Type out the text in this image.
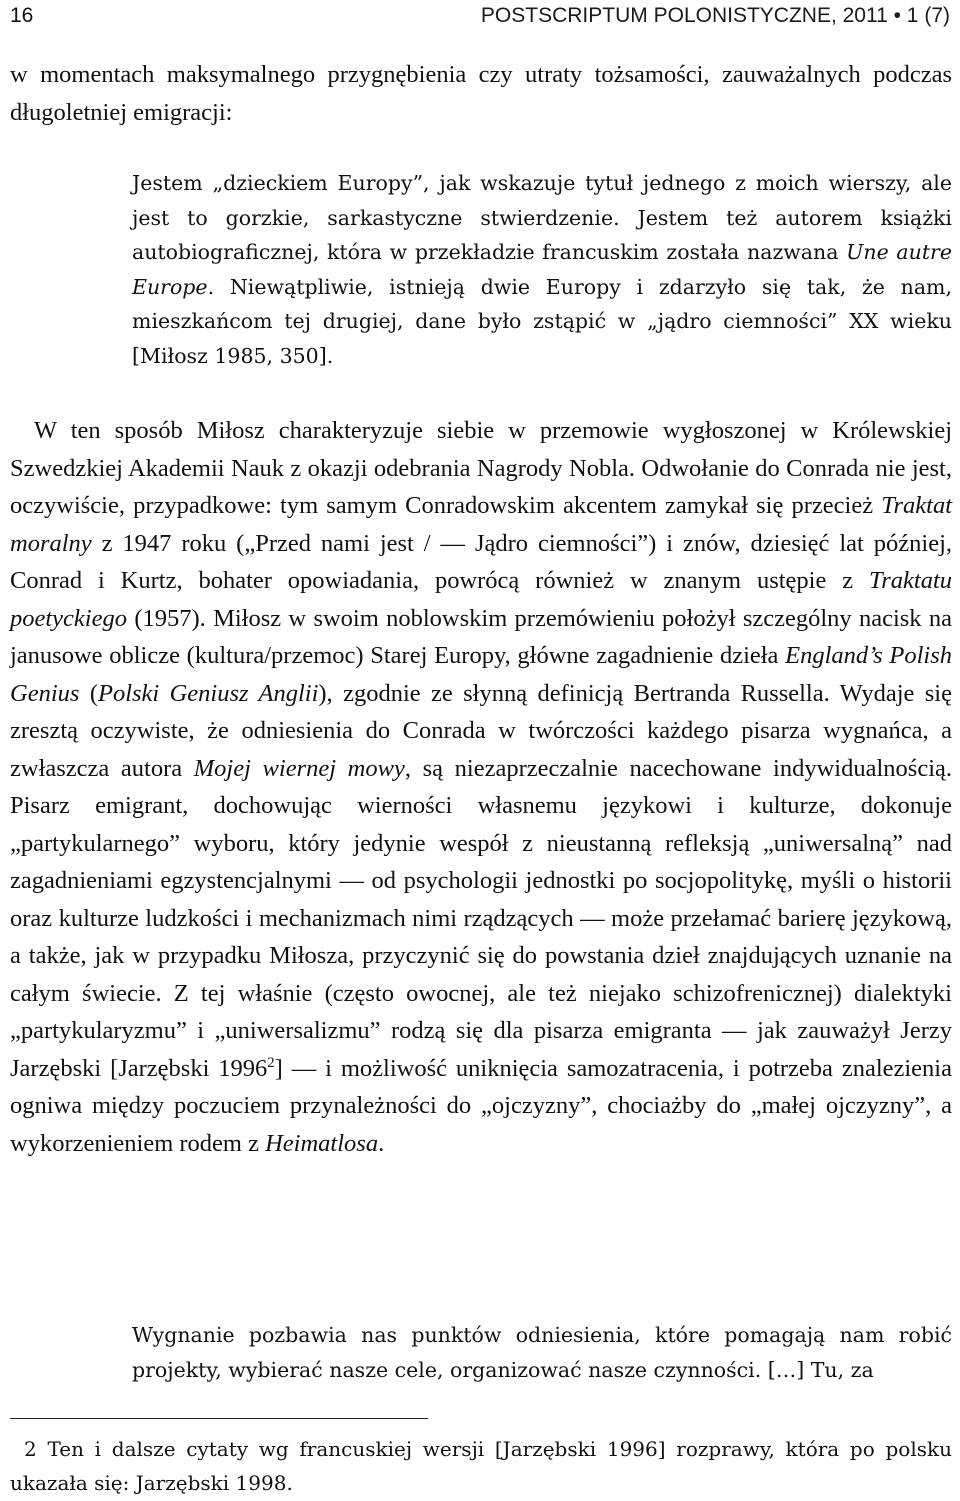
16	POSTSCRIPTUM POLONISTYCZNE, 2011 • 1 (7)

w momentach maksymalnego przygnębienia czy utraty tożsamości, zauważalnych podczas długoletniej emigracji:

Jestem „dzieckiem Europy”, jak wskazuje tytuł jednego z moich wierszy, ale jest to gorzkie, sarkastyczne stwierdzenie. Jestem też autorem książki autobiograficznej, która w przekładzie francuskim została nazwana Une autre Europe. Niewątpliwie, istnieją dwie Europy i zdarzyło się tak, że nam, mieszkańcom tej drugiej, dane było zstąpić w „jądro ciemności” XX wieku [Miłosz 1985, 350].

W ten sposób Miłosz charakteryzuje siebie w przemowie wygłoszonej w Królewskiej Szwedzkiej Akademii Nauk z okazji odebrania Nagrody Nobla. Odwołanie do Conrada nie jest, oczywiście, przypadkowe: tym samym Conradowskim akcentem zamykał się przecież Traktat moralny z 1947 roku („Przed nami jest / — Jądro ciemności”) i znów, dziesięć lat później, Conrad i Kurtz, bohater opowiadania, powrócą również w znanym ustępie z Traktatu poetyckiego (1957). Miłosz w swoim noblowskim przemówieniu położył szczególny nacisk na janusowe oblicze (kultura/przemoc) Starej Europy, główne zagadnienie dzieła England’s Polish Genius (Polski Geniusz Anglii), zgodnie ze słynną definicją Bertranda Russella. Wydaje się zresztą oczywiste, że odniesienia do Conrada w twórczości każdego pisarza wygnańca, a zwłaszcza autora Mojej wiernej mowy, są niezaprzeczalnie nacechowane indywidualnością. Pisarz emigrant, dochowując wierności własnemu językowi i kulturze, dokonuje „partykularnego” wyboru, który jedynie wespół z nieustanną refleksją „uniwersalną” nad zagadnieniami egzystencjalnymi — od psychologii jednostki po socjopolitykę, myśli o historii oraz kulturze ludzkości i mechanizmach nimi rządzących — może przełamać barierę językową, a także, jak w przypadku Miłosza, przyczynić się do powstania dzieł znajdujących uznanie na całym świecie. Z tej właśnie (często owocnej, ale też niejako schizofrenicznej) dialektyki „partykularyzmu” i „uniwersalizmu” rodzą się dla pisarza emigranta — jak zauważył Jerzy Jarzębski [Jarzębski 1996$^2$] — i możliwość uniknięcia samozatracenia, i potrzeba znalezienia ogniwa między poczuciem przynależności do „ojczyzny”, chociażby do „małej ojczyzny”, a wykorzenieniem rodem z Heimatlosa.

Wygnanie pozbawia nas punktów odniesienia, które pomagają nam robić projekty, wybierać nasze cele, organizować nasze czynności. […] Tu, za

2 Ten i dalsze cytaty wg francuskiej wersji [Jarzębski 1996] rozprawy, która po polsku ukazała się: Jarzębski 1998.
